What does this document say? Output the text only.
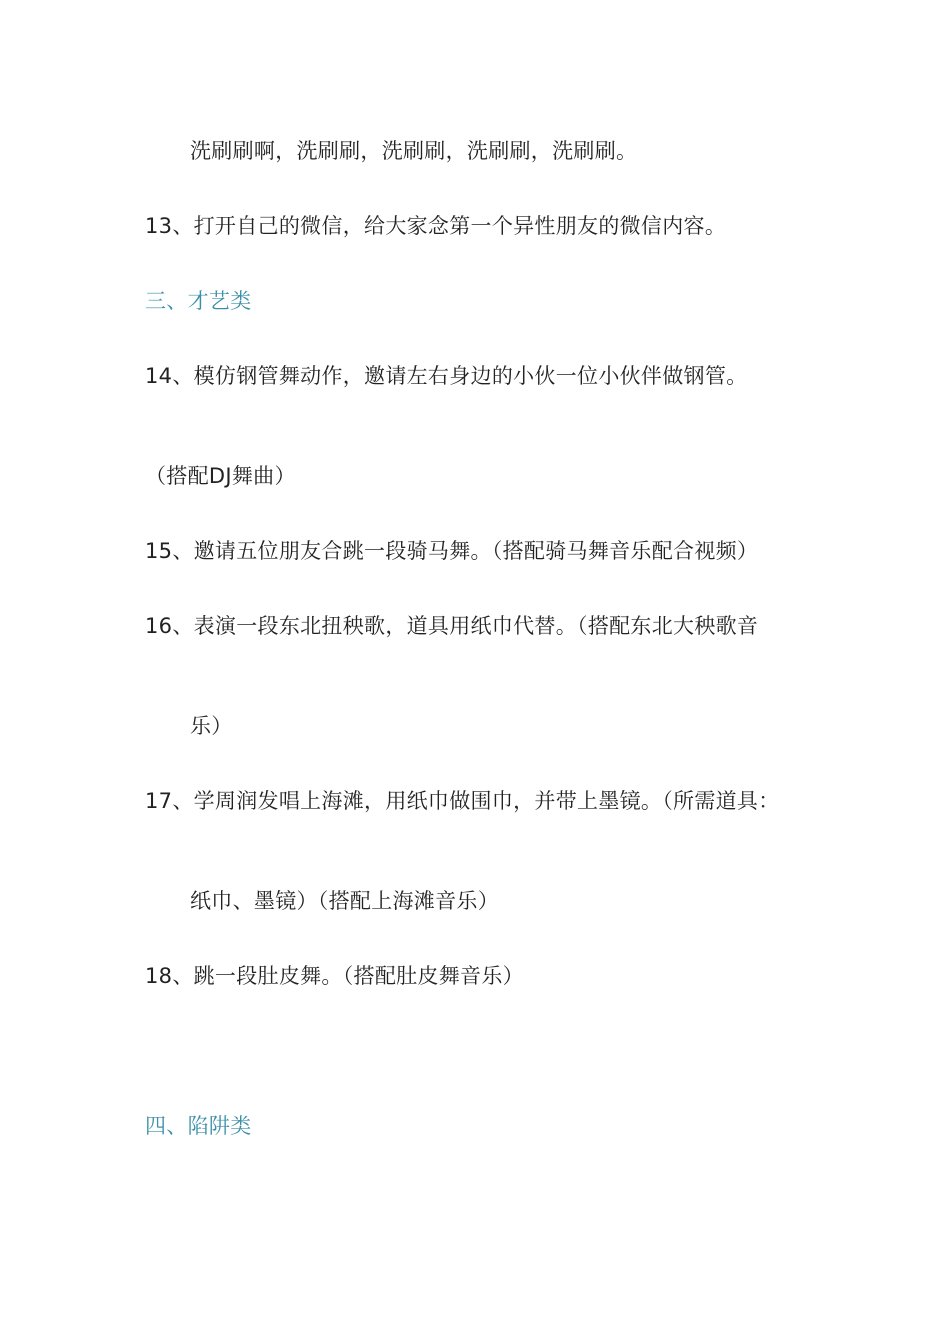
洗刷刷啊，洗刷刷，洗刷刷，洗刷刷，洗刷刷。
13、打开自己的微信，给大家念第一个异性朋友的微信内容。
三、才艺类
14、模仿钢管舞动作，邀请左右身边的小伙一位小伙伴做钢管。
（搭配DJ舞曲）
15、邀请五位朋友合跳一段骑马舞。（搭配骑马舞音乐配合视频）
16、表演一段东北扭秧歌，道具用纸巾代替。（搭配东北大秧歌音
乐）
17、学周润发唱上海滩，用纸巾做围巾，并带上墨镜。（所需道具：
纸巾、墨镜）（搭配上海滩音乐）
18、跳一段肚皮舞。（搭配肚皮舞音乐）
四、陷阱类
